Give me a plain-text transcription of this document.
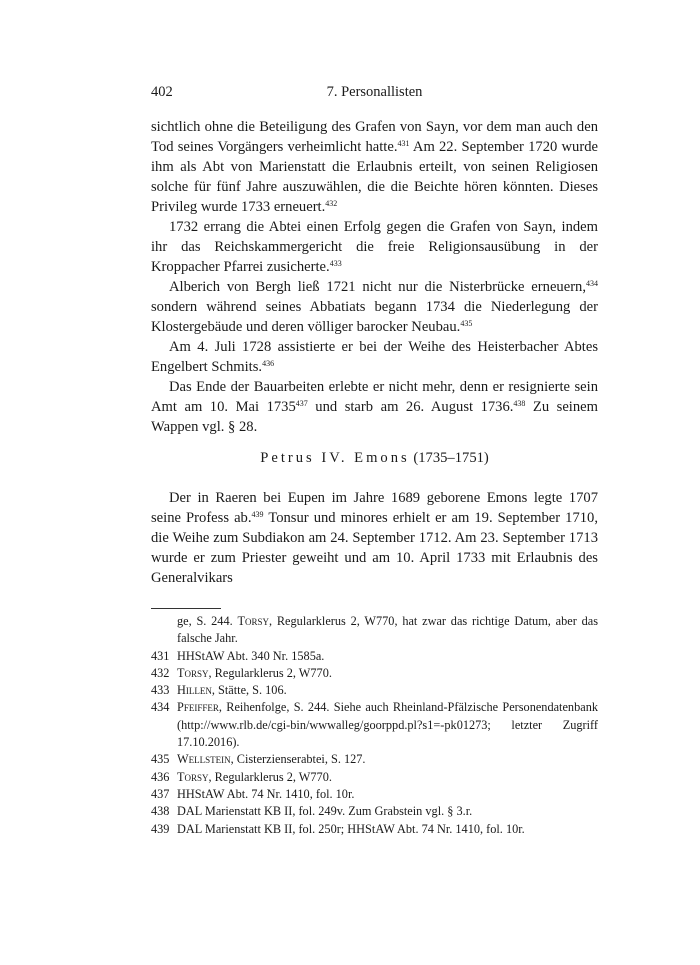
402	7. Personallisten

sichtlich ohne die Beteiligung des Grafen von Sayn, vor dem man auch den Tod seines Vorgängers verheimlicht hatte.$^{431}$ Am 22. September 1720 wurde ihm als Abt von Marienstatt die Erlaubnis erteilt, von seinen Religiosen solche für fünf Jahre auszuwählen, die die Beichte hören könnten. Dieses Privileg wurde 1733 erneuert.$^{432}$

1732 errang die Abtei einen Erfolg gegen die Grafen von Sayn, indem ihr das Reichskammergericht die freie Religionsausübung in der Kroppacher Pfarrei zusicherte.$^{433}$

Alberich von Bergh ließ 1721 nicht nur die Nisterbrücke erneuern,$^{434}$ sondern während seines Abbatiats begann 1734 die Niederlegung der Klostergebäude und deren völliger barocker Neubau.$^{435}$

Am 4. Juli 1728 assistierte er bei der Weihe des Heisterbacher Abtes Engelbert Schmits.$^{436}$

Das Ende der Bauarbeiten erlebte er nicht mehr, denn er resignierte sein Amt am 10. Mai 1735$^{437}$ und starb am 26. August 1736.$^{438}$ Zu seinem Wappen vgl. § 28.

Petrus IV. Emons (1735–1751)

Der in Raeren bei Eupen im Jahre 1689 geborene Emons legte 1707 seine Profess ab.$^{439}$ Tonsur und minores erhielt er am 19. September 1710, die Weihe zum Subdiakon am 24. September 1712. Am 23. September 1713 wurde er zum Priester geweiht und am 10. April 1733 mit Erlaubnis des Generalvikars

ge, S. 244. Torsy, Regularklerus 2, W770, hat zwar das richtige Datum, aber das falsche Jahr.
431 HHStAW Abt. 340 Nr. 1585a.
432 Torsy, Regularklerus 2, W770.
433 Hillen, Stätte, S. 106.
434 Pfeiffer, Reihenfolge, S. 244. Siehe auch Rheinland-Pfälzische Personendatenbank (http://www.rlb.de/cgi-bin/wwwalleg/goorppd.pl?s1=-pk01273; letzter Zugriff 17.10.2016).
435 Wellstein, Cisterzienserabtei, S. 127.
436 Torsy, Regularklerus 2, W770.
437 HHStAW Abt. 74 Nr. 1410, fol. 10r.
438 DAL Marienstatt KB II, fol. 249v. Zum Grabstein vgl. § 3.r.
439 DAL Marienstatt KB II, fol. 250r; HHStAW Abt. 74 Nr. 1410, fol. 10r.
